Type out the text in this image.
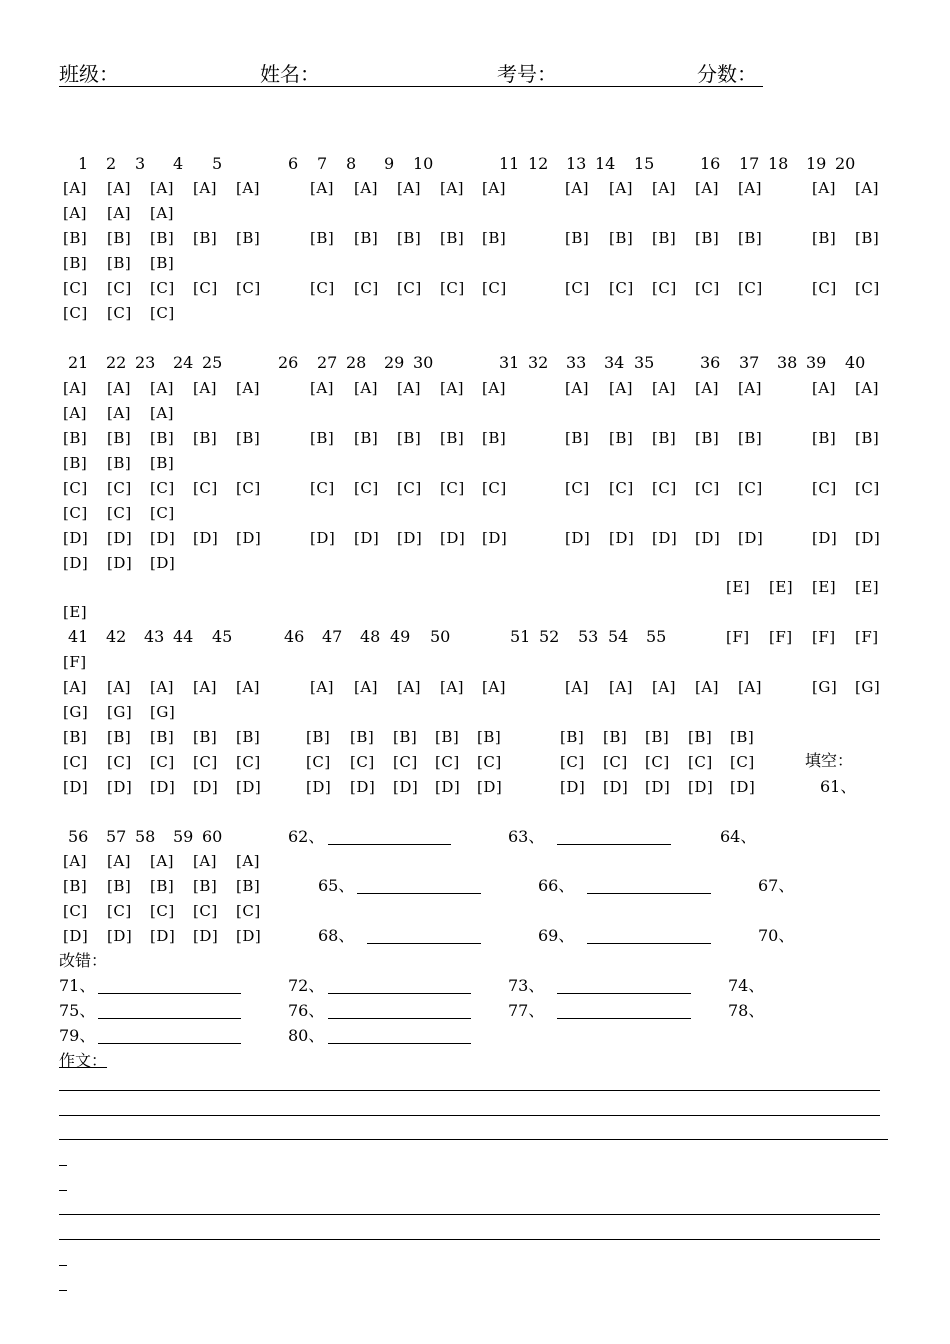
班级：	姓名：	考号：	分数：
填空：
61、
62、	63、	64、
65、	66、	67、
68、	69、	70、
改错：
71、	72、	73、	74、
75、	76、	77、	78、
79、	80、
作文：
1 2 3 4 5	6 7 8 9 10	11 12 13 14 15	16 17 18 19 20
[A] [A] [A] [A] [A]	[A] [A] [A] [A] [A]	[A] [A] [A] [A] [A]	[A] [A]
[A] [A] [A]
[B] [B] [B] [B] [B]	[B] [B] [B] [B] [B]	[B] [B] [B] [B] [B]	[B] [B]
[B] [B] [B]
[C] [C] [C] [C] [C]	[C] [C] [C] [C] [C]	[C] [C] [C] [C] [C]	[C] [C]
[C] [C] [C]
21 22 23 24 25	26 27 28 29 30	31 32 33 34 35	36 37 38 39 40
[A] [A] [A] [A] [A]	[A] [A] [A] [A] [A]	[A] [A] [A] [A] [A]	[A] [A]
[A] [A] [A]
[B] [B] [B] [B] [B]	[B] [B] [B] [B] [B]	[B] [B] [B] [B] [B]	[B] [B]
[B] [B] [B]
[C] [C] [C] [C] [C]	[C] [C] [C] [C] [C]	[C] [C] [C] [C] [C]	[C] [C]
[C] [C] [C]
[D] [D] [D] [D] [D]	[D] [D] [D] [D] [D]	[D] [D] [D] [D] [D]	[D] [D]
[D] [D] [D]
[E] [E] [E] [E]
[E]
41 42 43 44 45	46 47 48 49 50	51 52 53 54 55	[F] [F] [F] [F]
[F]
[A] [A] [A] [A] [A]	[A] [A] [A] [A] [A]	[A] [A] [A] [A] [A]	[G] [G]
[G] [G] [G]
[B] [B] [B] [B] [B]	[B] [B] [B] [B] [B]	[B] [B] [B] [B] [B]
[C] [C] [C] [C] [C]	[C] [C] [C] [C] [C]	[C] [C] [C] [C] [C]
[D] [D] [D] [D] [D]	[D] [D] [D] [D] [D]	[D] [D] [D] [D] [D]
56 57 58 59 60
[A] [A] [A] [A] [A]
[B] [B] [B] [B] [B]
[C] [C] [C] [C] [C]
[D] [D] [D] [D] [D]
